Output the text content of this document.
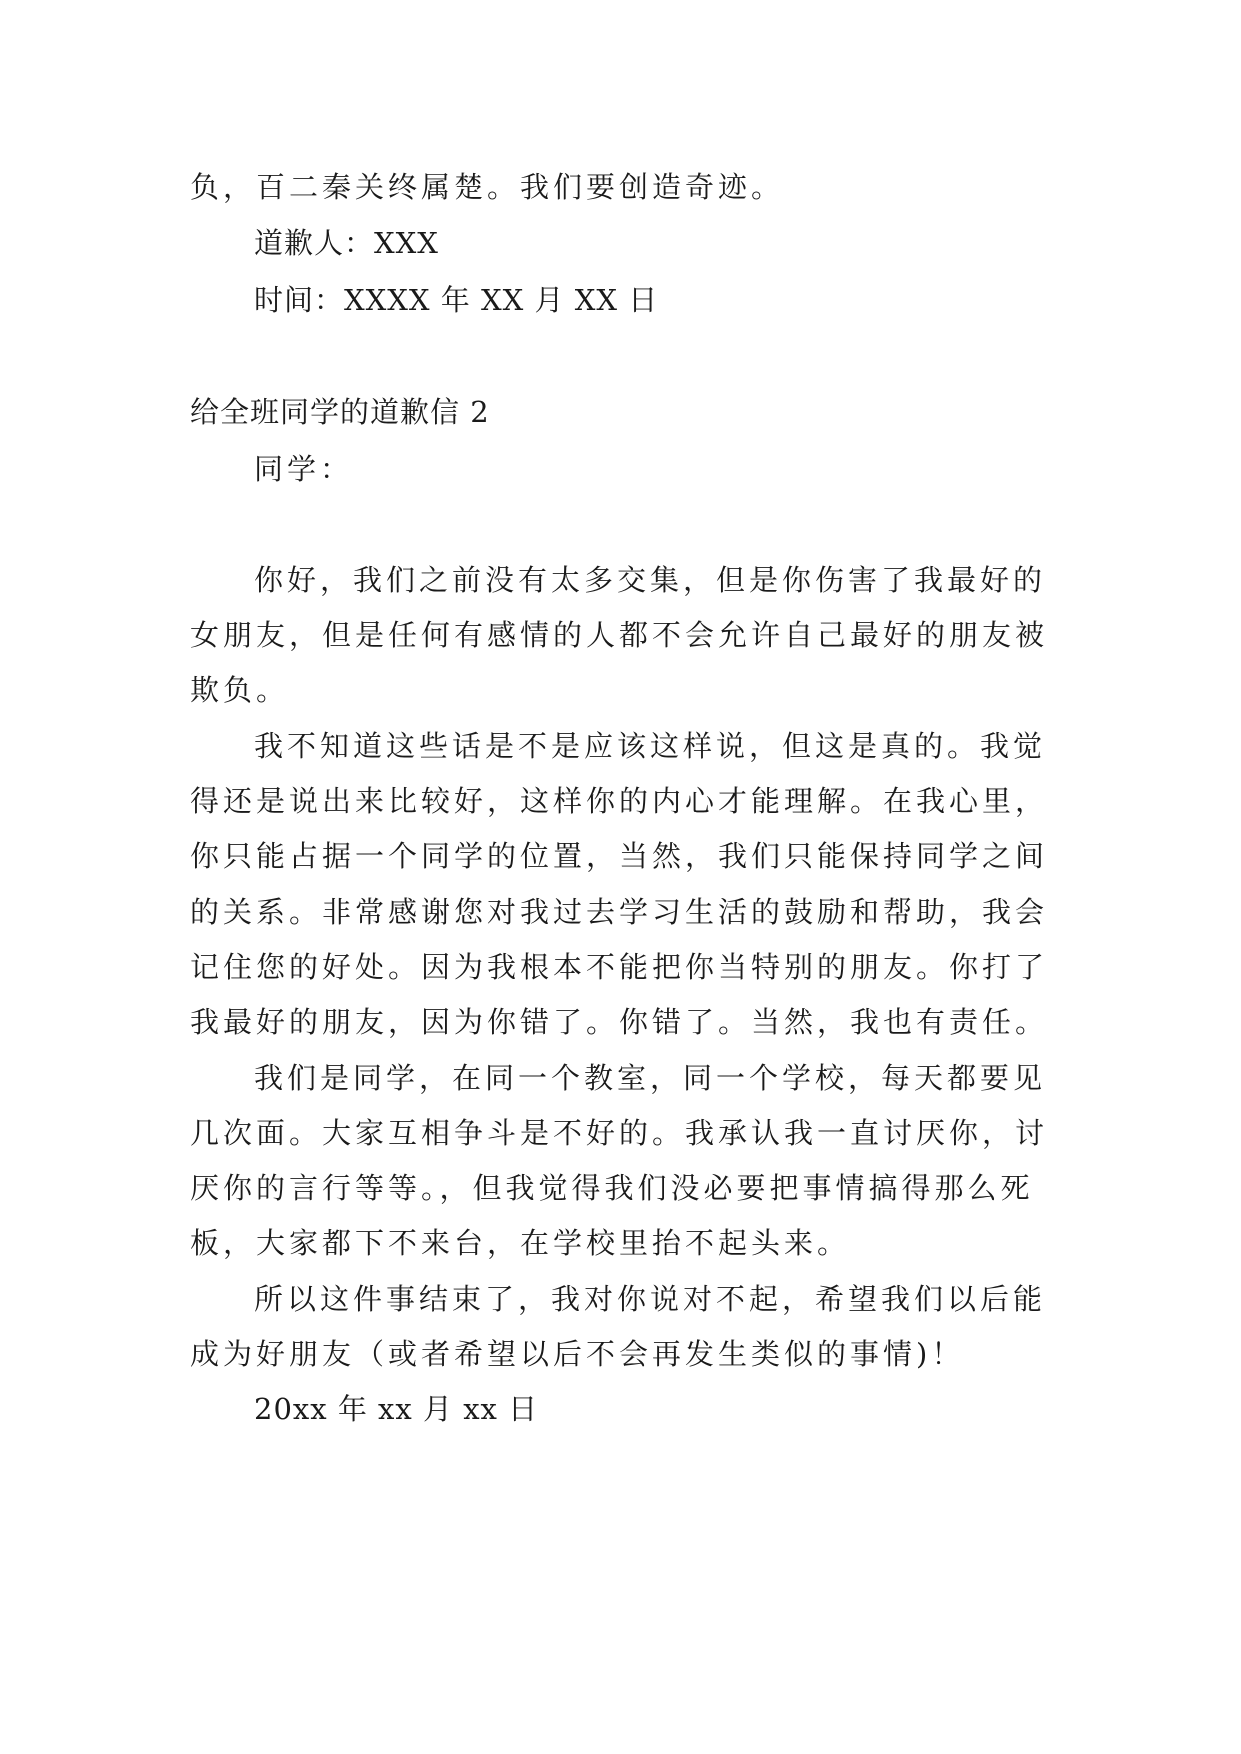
负，百二秦关终属楚。我们要创造奇迹。
道歉人：XXX
时间：XXXX 年 XX 月 XX 日
给全班同学的道歉信 2
同学：
你好，我们之前没有太多交集，但是你伤害了我最好的
女朋友，但是任何有感情的人都不会允许自己最好的朋友被
欺负。
我不知道这些话是不是应该这样说，但这是真的。我觉
得还是说出来比较好，这样你的内心才能理解。在我心里，
你只能占据一个同学的位置，当然，我们只能保持同学之间
的关系。非常感谢您对我过去学习生活的鼓励和帮助，我会
记住您的好处。因为我根本不能把你当特别的朋友。你打了
我最好的朋友，因为你错了。你错了。当然，我也有责任。
我们是同学，在同一个教室，同一个学校，每天都要见
几次面。大家互相争斗是不好的。我承认我一直讨厌你，讨
厌你的言行等等。，但我觉得我们没必要把事情搞得那么死
板，大家都下不来台，在学校里抬不起头来。
所以这件事结束了，我对你说对不起，希望我们以后能
成为好朋友（或者希望以后不会再发生类似的事情)！
20xx 年 xx 月 xx 日
